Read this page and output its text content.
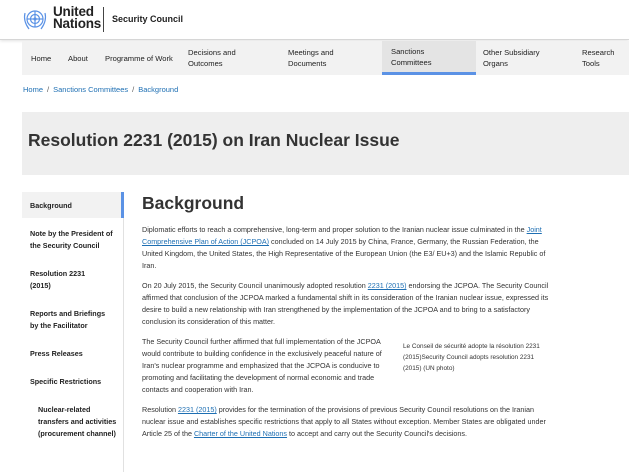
United
Nations Security Council
Home About Programme of Work
Decisions and Outcomes
Meetings and Documents
Sanctions Committees
Other Subsidiary Organs
Research Tools
Home / Sanctions Committees / Background
Resolution 2231 (2015) on Iran Nuclear Issue
Background
Note by the President of the Security Council
Resolution 2231 (2015)
Reports and Briefings by the Facilitator
Press Releases
Specific Restrictions
Nuclear-related transfers and activities (procurement channel)
Background

Diplomatic efforts to reach a comprehensive, long-term and proper solution to the Iranian nuclear issue culminated in the Joint Comprehensive Plan of Action (JCPOA) concluded on 14 July 2015 by China, France, Germany, the Russian Federation, the United Kingdom, the United States, the High Representative of the European Union (the E3/ EU+3) and the Islamic Republic of Iran.

On 20 July 2015, the Security Council unanimously adopted resolution 2231 (2015) endorsing the JCPOA. The Security Council affirmed that conclusion of the JCPOA marked a fundamental shift in its consideration of the Iranian nuclear issue, expressed its desire to build a new relationship with Iran strengthened by the implementation of the JCPOA and to bring to a satisfactory conclusion its consideration of this matter.

The Security Council further affirmed that full implementation of the JCPOA would contribute to building confidence in the exclusively peaceful nature of Iran's nuclear programme and emphasized that the JCPOA is conducive to promoting and facilitating the development of normal economic and trade contacts and cooperation with Iran.

Le Conseil de sécurité adopte la résolution 2231 (2015)Security Council adopts resolution 2231 (2015) (UN photo)

Resolution 2231 (2015) provides for the termination of the provisions of previous Security Council resolutions on the Iranian nuclear issue and establishes specific restrictions that apply to all States without exception. Member States are obligated under Article 25 of the Charter of the United Nations to accept and carry out the Security Council's decisions.
